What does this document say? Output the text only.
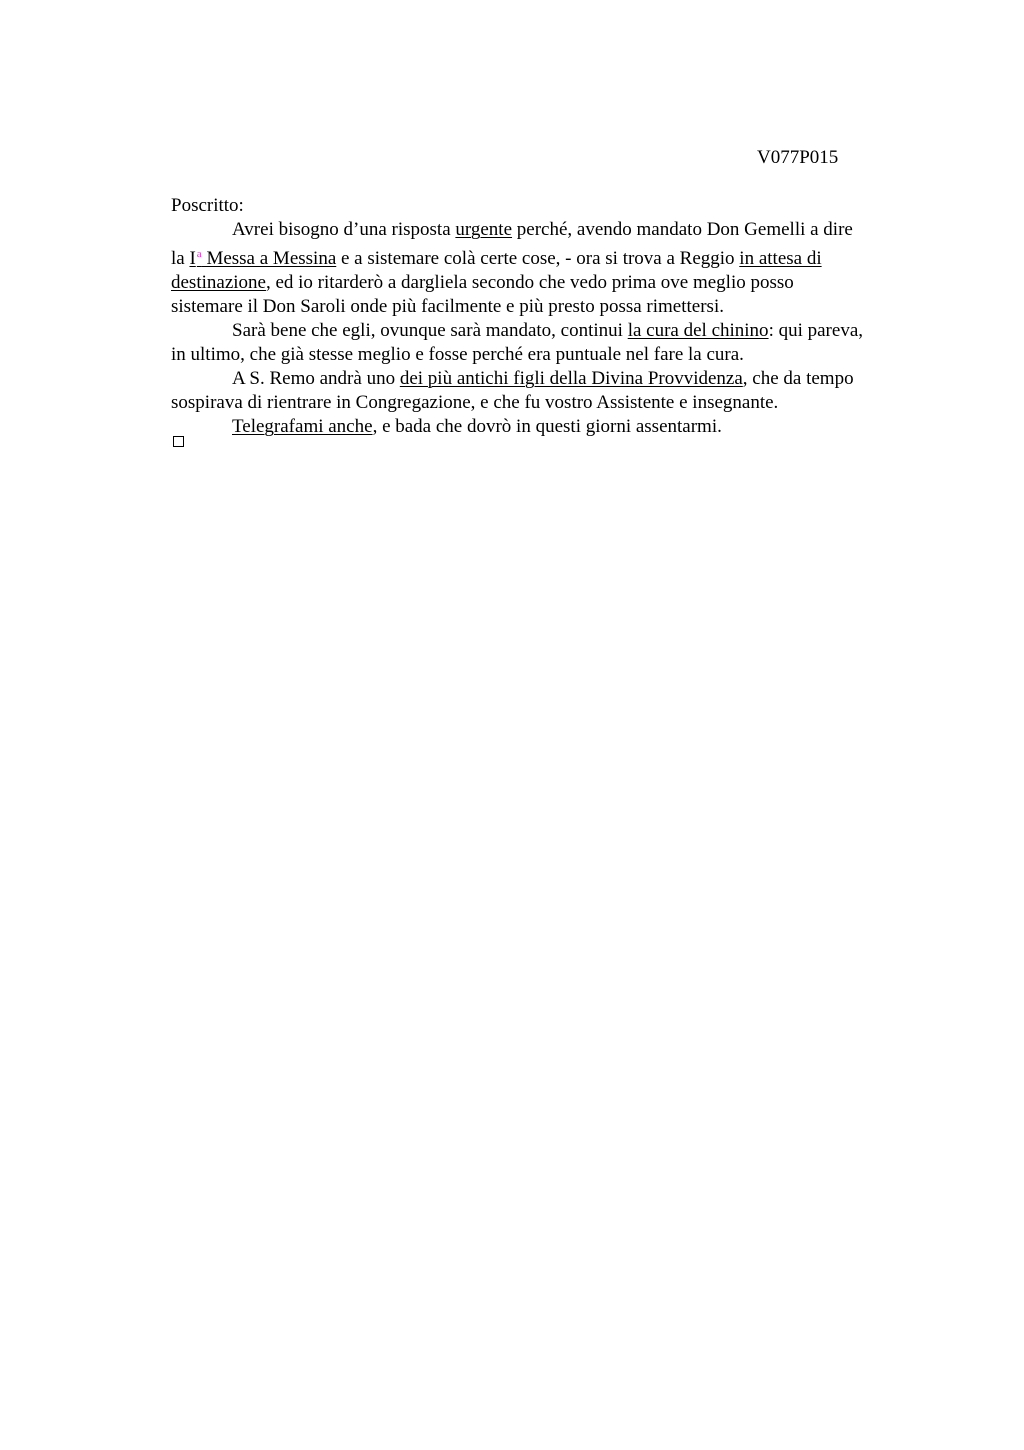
V077P015

Poscritto:

Avrei bisogno d’una risposta urgente perché, avendo mandato Don Gemelli a dire
la $I^a$ Messa a Messina e a sistemare colà certe cose, - ora si trova a Reggio in attesa di
destinazione, ed io ritarderò a dargliela secondo che vedo prima ove meglio posso
sistemare il Don Saroli onde più facilmente e più presto possa rimettersi.

Sarà bene che egli, ovunque sarà mandato, continui la cura del chinino: qui pareva,
in ultimo, che già stesse meglio e fosse perché era puntuale nel fare la cura.

A S. Remo andrà uno dei più antichi figli della Divina Provvidenza, che da tempo
sospirava di rientrare in Congregazione, e che fu vostro Assistente e insegnante.

Telegrafami anche, e bada che dovrò in questi giorni assentarmi.
